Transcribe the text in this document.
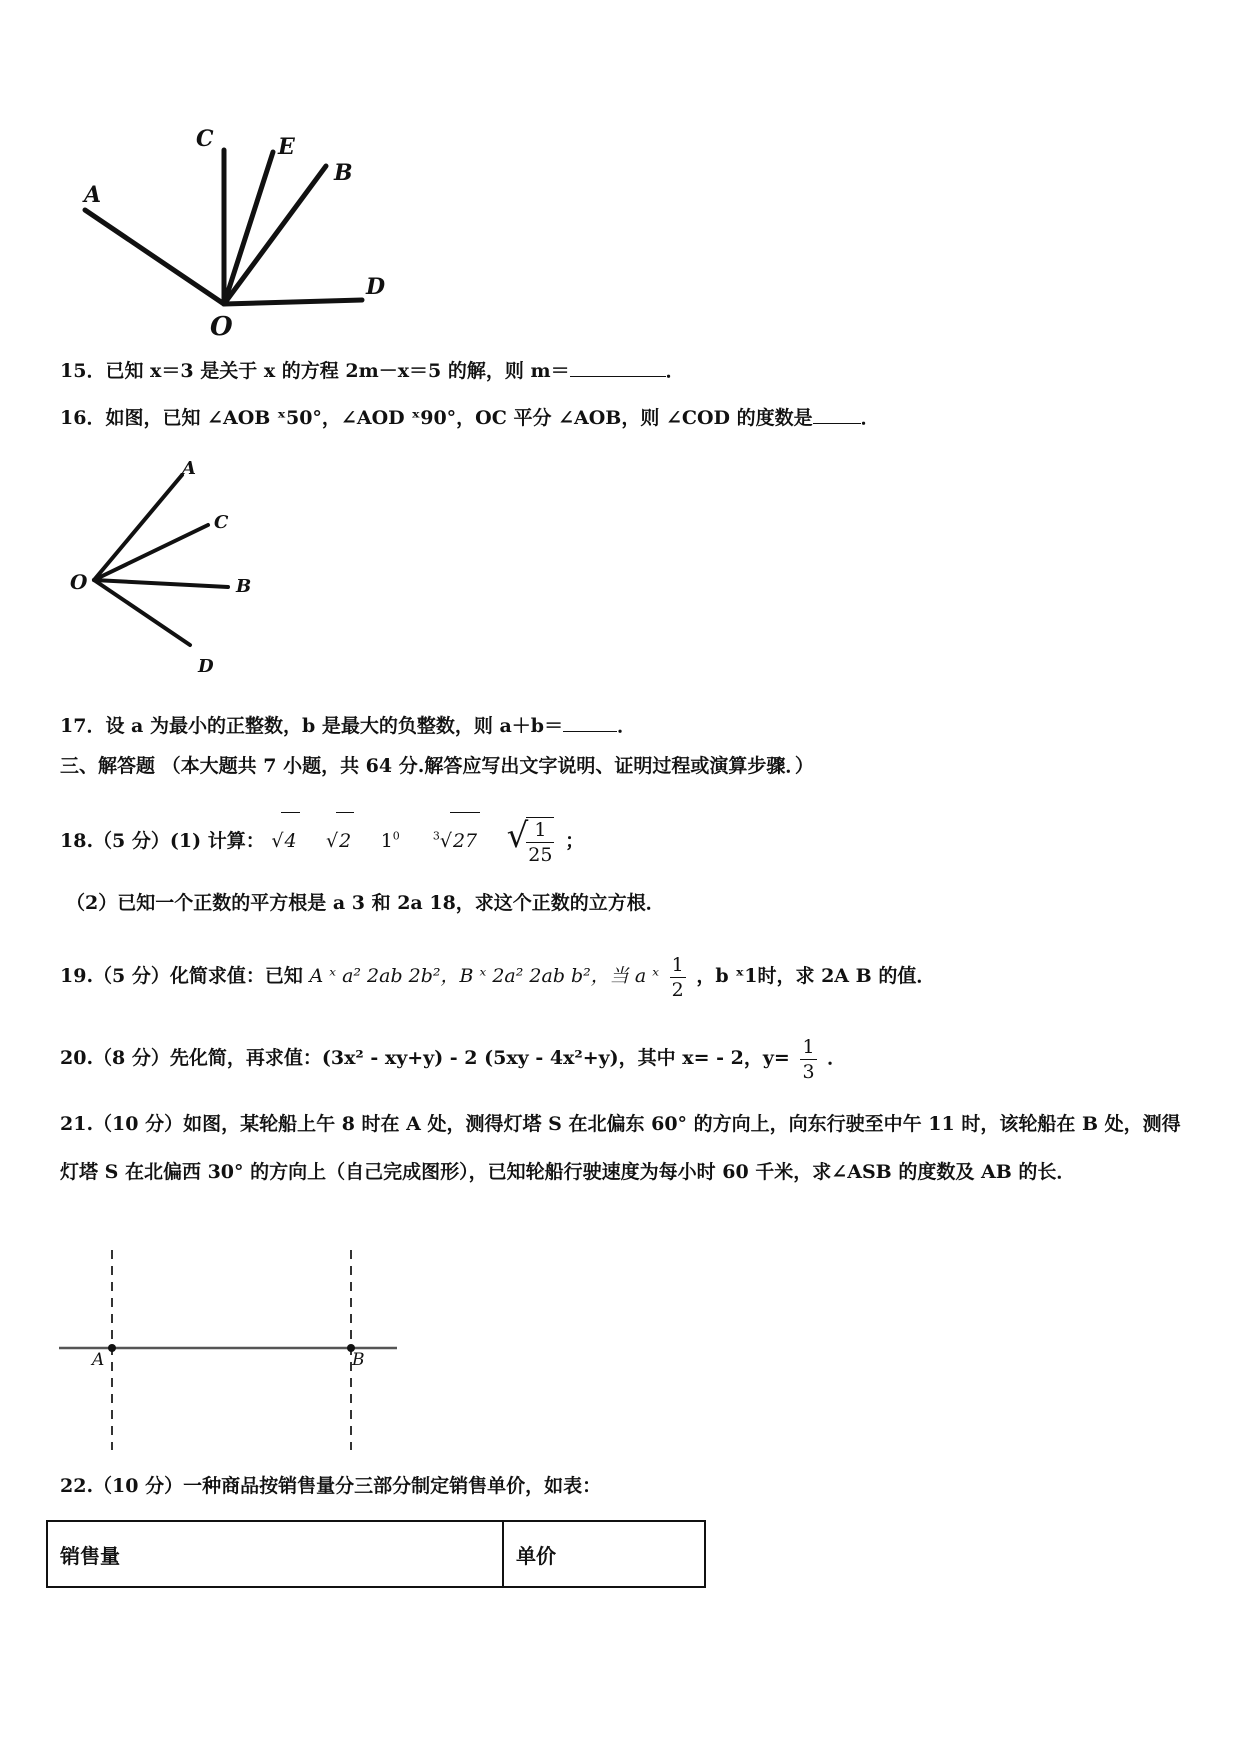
A
C	E
B
D
O
15．已知 x＝3 是关于 x 的方程 2m－x＝5 的解，则 m＝	．
16．如图，已知 ∠AOB ˣ50°，∠AOD ˣ90°，OC 平分 ∠AOB，则 ∠COD 的度数是	．
A
C
B
D
O
17．设 a 为最小的正整数，b 是最大的负整数，则 a＋b＝	．
三、解答题 （本大题共 7 小题，共 64 分.解答应写出文字说明、证明过程或演算步骤．）
18.（5 分）(1) 计算： √4 √2 $1^0$	$^3$√27 √
$\frac{1}{25}$ ；
（2）已知一个正数的平方根是 a 3 和 2a 18，求这个正数的立方根．
19.（5 分）化简求值：已知 A ˣ a² 2ab 2b²，B ˣ 2a² 2ab b²，当 a ˣ $\frac{1}{2}$ ，b ˣ1时，求 2A B 的值．
20.（8 分）先化简，再求值：(3x² - xy+y) - 2 (5xy - 4x²+y)，其中 x= - 2，$y= \frac{1}{3}$ ．
21.（10 分）如图，某轮船上午 8 时在 A 处，测得灯塔 S 在北偏东 60° 的方向上，向东行驶至中午 11 时，该轮船在 B 处，测得灯塔 S 在北偏西 30° 的方向上（自己完成图形），已知轮船行驶速度为每小时 60 千米，求∠ASB 的度数及 AB 的长．
A	B
22.（10 分）一种商品按销售量分三部分制定销售单价，如表：
销售量	单价
